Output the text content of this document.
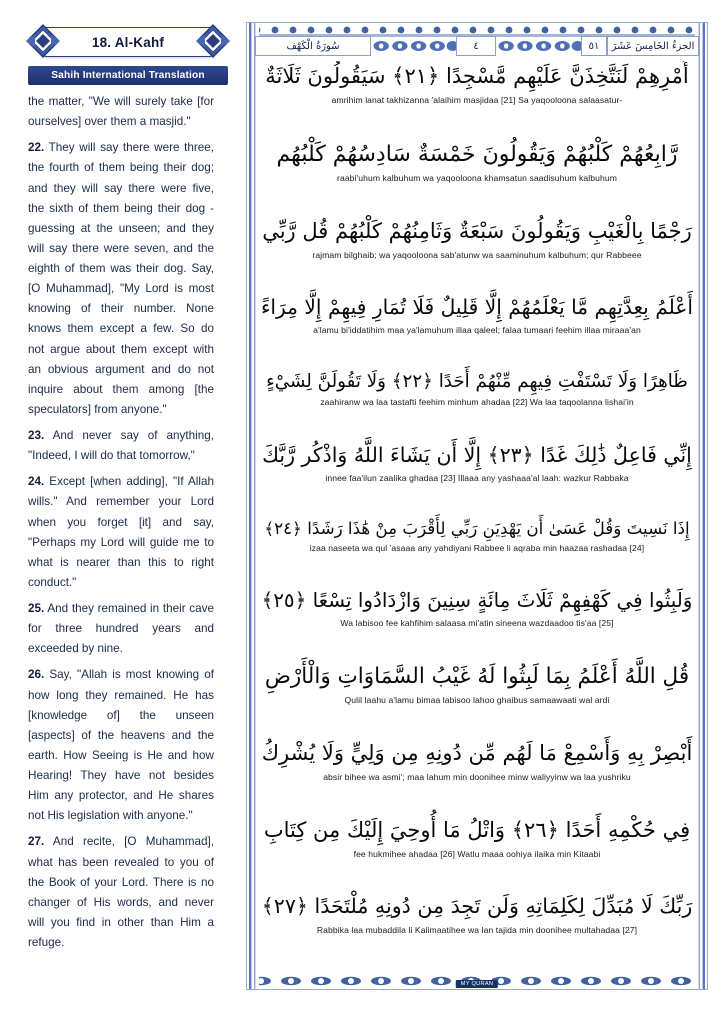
18. Al-Kahf
Sahih International Translation

the matter, "We will surely take [for ourselves] over them a masjid."

22. They will say there were three, the fourth of them being their dog; and they will say there were five, the sixth of them being their dog - guessing at the unseen; and they will say there were seven, and the eighth of them was their dog. Say, [O Muhammad], "My Lord is most knowing of their number. None knows them except a few. So do not argue about them except with an obvious argument and do not inquire about them among [the speculators] from anyone."

23. And never say of anything, "Indeed, I will do that tomorrow,"

24. Except [when adding], "If Allah wills." And remember your Lord when you forget [it] and say, "Perhaps my Lord will guide me to what is nearer than this to right conduct."

25. And they remained in their cave for three hundred years and exceeded by nine.

26. Say, "Allah is most knowing of how long they remained. He has [knowledge of] the unseen [aspects] of the heavens and the earth. How Seeing is He and how Hearing! They have not besides Him any protector, and He shares not His legislation with anyone."

27. And recite, [O Muhammad], what has been revealed to you of the Book of your Lord. There is no changer of His words, and never will you find in other than Him a refuge.

سُورَةُ الْكَهْف	٤	١٥	الجزءُ الخَامِسَ عَشَرَ
أَمْرِهِمْ لَنَتَّخِذَنَّ عَلَيْهِم مَّسْجِدًا ﴿٢١﴾ سَيَقُولُونَ ثَلَاثَةٌ
amrihim lanat takhizanna 'alaihim masjidaa [21] Sa yaqooloona salaasatur-
رَّابِعُهُمْ كَلْبُهُمْ وَيَقُولُونَ خَمْسَةٌ سَادِسُهُمْ كَلْبُهُم
raabi'uhum kalbuhum wa yaqooloona khamsatun saadisuhum kalbuhum
رَجْمًا بِالْغَيْبِ وَيَقُولُونَ سَبْعَةٌ وَثَامِنُهُمْ كَلْبُهُمْ قُل رَّبِّي
rajmam bilghaib; wa yaqooloona sab'atunw wa saaminuhum kalbuhum; qur Rabbeee
أَعْلَمُ بِعِدَّتِهِم مَّا يَعْلَمُهُمْ إِلَّا قَلِيلٌ فَلَا تُمَارِ فِيهِمْ إِلَّا مِرَاءً
a'lamu bi'iddatihim maa ya'lamuhum illaa qaleel; falaa tumaari feehim illaa miraaa'an
ظَاهِرًا وَلَا تَسْتَفْتِ فِيهِم مِّنْهُمْ أَحَدًا ﴿٢٢﴾ وَلَا تَقُولَنَّ لِشَيْءٍ
zaahiranw wa laa tastafti feehim minhum ahadaa [22] Wa laa taqoolanna lishai'in
إِنِّي فَاعِلٌ ذَٰلِكَ غَدًا ﴿٢٣﴾ إِلَّا أَن يَشَاءَ اللَّهُ وَاذْكُر رَّبَّكَ
innee faa'ilun zaalika ghadaa [23] Illaaa any yashaaa'al laah: wazkur Rabbaka
إِذَا نَسِيتَ وَقُلْ عَسَىٰ أَن يَهْدِيَنِ رَبِّي لِأَقْرَبَ مِنْ هَٰذَا رَشَدًا ﴿٢٤﴾
izaa naseeta wa qul 'asaaa any yahdiyani Rabbee li aqraba min haazaa rashadaa [24]
وَلَبِثُوا فِي كَهْفِهِمْ ثَلَاثَ مِائَةٍ سِنِينَ وَازْدَادُوا تِسْعًا ﴿٢٥﴾
Wa labisoo fee kahfihim salaasa mi'atin sineena wazdaadoo tis'aa [25]
قُلِ اللَّهُ أَعْلَمُ بِمَا لَبِثُوا لَهُ غَيْبُ السَّمَاوَاتِ وَالْأَرْضِ
Qulil laahu a'lamu bimaa labisoo lahoo ghaibus samaawaati wal ardi
أَبْصِرْ بِهِ وَأَسْمِعْ مَا لَهُم مِّن دُونِهِ مِن وَلِيٍّ وَلَا يُشْرِكُ
absir bihee wa asmi'; maa lahum min doonihee minw waliyyinw wa laa yushriku
فِي حُكْمِهِ أَحَدًا ﴿٢٦﴾ وَاتْلُ مَا أُوحِيَ إِلَيْكَ مِن كِتَابِ
fee hukmihee ahadaa [26] Watlu maaa oohiya ilaika min Kitaabi
رَبِّكَ لَا مُبَدِّلَ لِكَلِمَاتِهِ وَلَن تَجِدَ مِن دُونِهِ مُلْتَحَدًا ﴿٢٧﴾
Rabbika laa mubaddila li Kalimaatihee wa lan tajida min doonihee multahadaa [27]
MY QURAN
